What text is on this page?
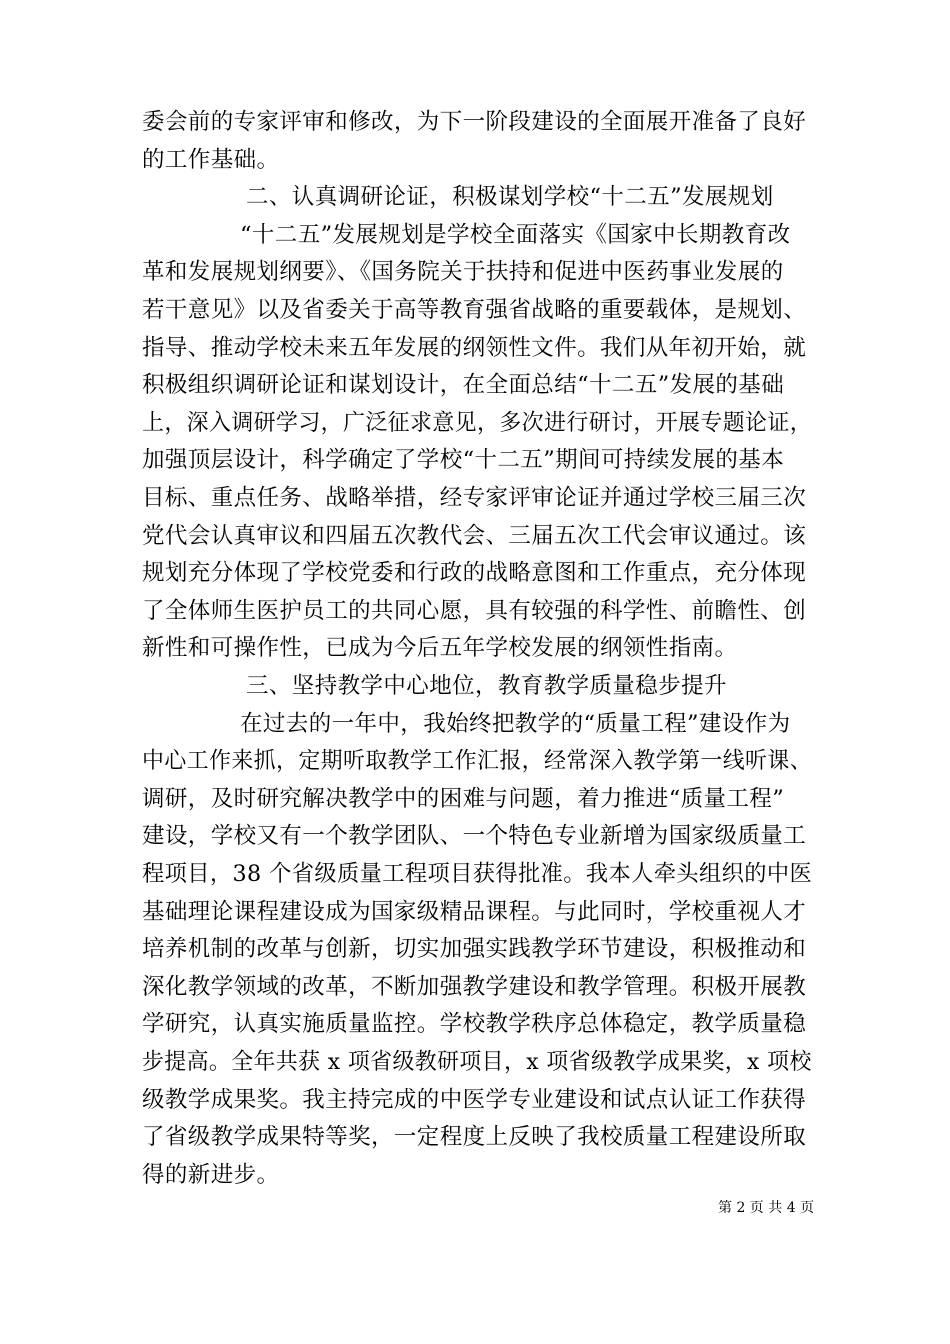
委会前的专家评审和修改，为下一阶段建设的全面展开准备了良好
的工作基础。
二、认真调研论证，积极谋划学校“十二五”发展规划
“十二五”发展规划是学校全面落实《国家中长期教育改
革和发展规划纲要》、《国务院关于扶持和促进中医药事业发展的
若干意见》以及省委关于高等教育强省战略的重要载体，是规划、
指导、推动学校未来五年发展的纲领性文件。我们从年初开始，就
积极组织调研论证和谋划设计，在全面总结“十二五”发展的基础
上，深入调研学习，广泛征求意见，多次进行研讨，开展专题论证，
加强顶层设计，科学确定了学校“十二五”期间可持续发展的基本
目标、重点任务、战略举措，经专家评审论证并通过学校三届三次
党代会认真审议和四届五次教代会、三届五次工代会审议通过。该
规划充分体现了学校党委和行政的战略意图和工作重点，充分体现
了全体师生医护员工的共同心愿，具有较强的科学性、前瞻性、创
新性和可操作性，已成为今后五年学校发展的纲领性指南。
三、坚持教学中心地位，教育教学质量稳步提升
在过去的一年中，我始终把教学的“质量工程”建设作为
中心工作来抓，定期听取教学工作汇报，经常深入教学第一线听课、
调研，及时研究解决教学中的困难与问题，着力推进“质量工程”
建设，学校又有一个教学团队、一个特色专业新增为国家级质量工
程项目，38 个省级质量工程项目获得批准。我本人牵头组织的中医
基础理论课程建设成为国家级精品课程。与此同时，学校重视人才
培养机制的改革与创新，切实加强实践教学环节建设，积极推动和
深化教学领域的改革，不断加强教学建设和教学管理。积极开展教
学研究，认真实施质量监控。学校教学秩序总体稳定，教学质量稳
步提高。全年共获 x 项省级教研项目，x 项省级教学成果奖，x 项校
级教学成果奖。我主持完成的中医学专业建设和试点认证工作获得
了省级教学成果特等奖，一定程度上反映了我校质量工程建设所取
得的新进步。
第 2 页 共 4 页
